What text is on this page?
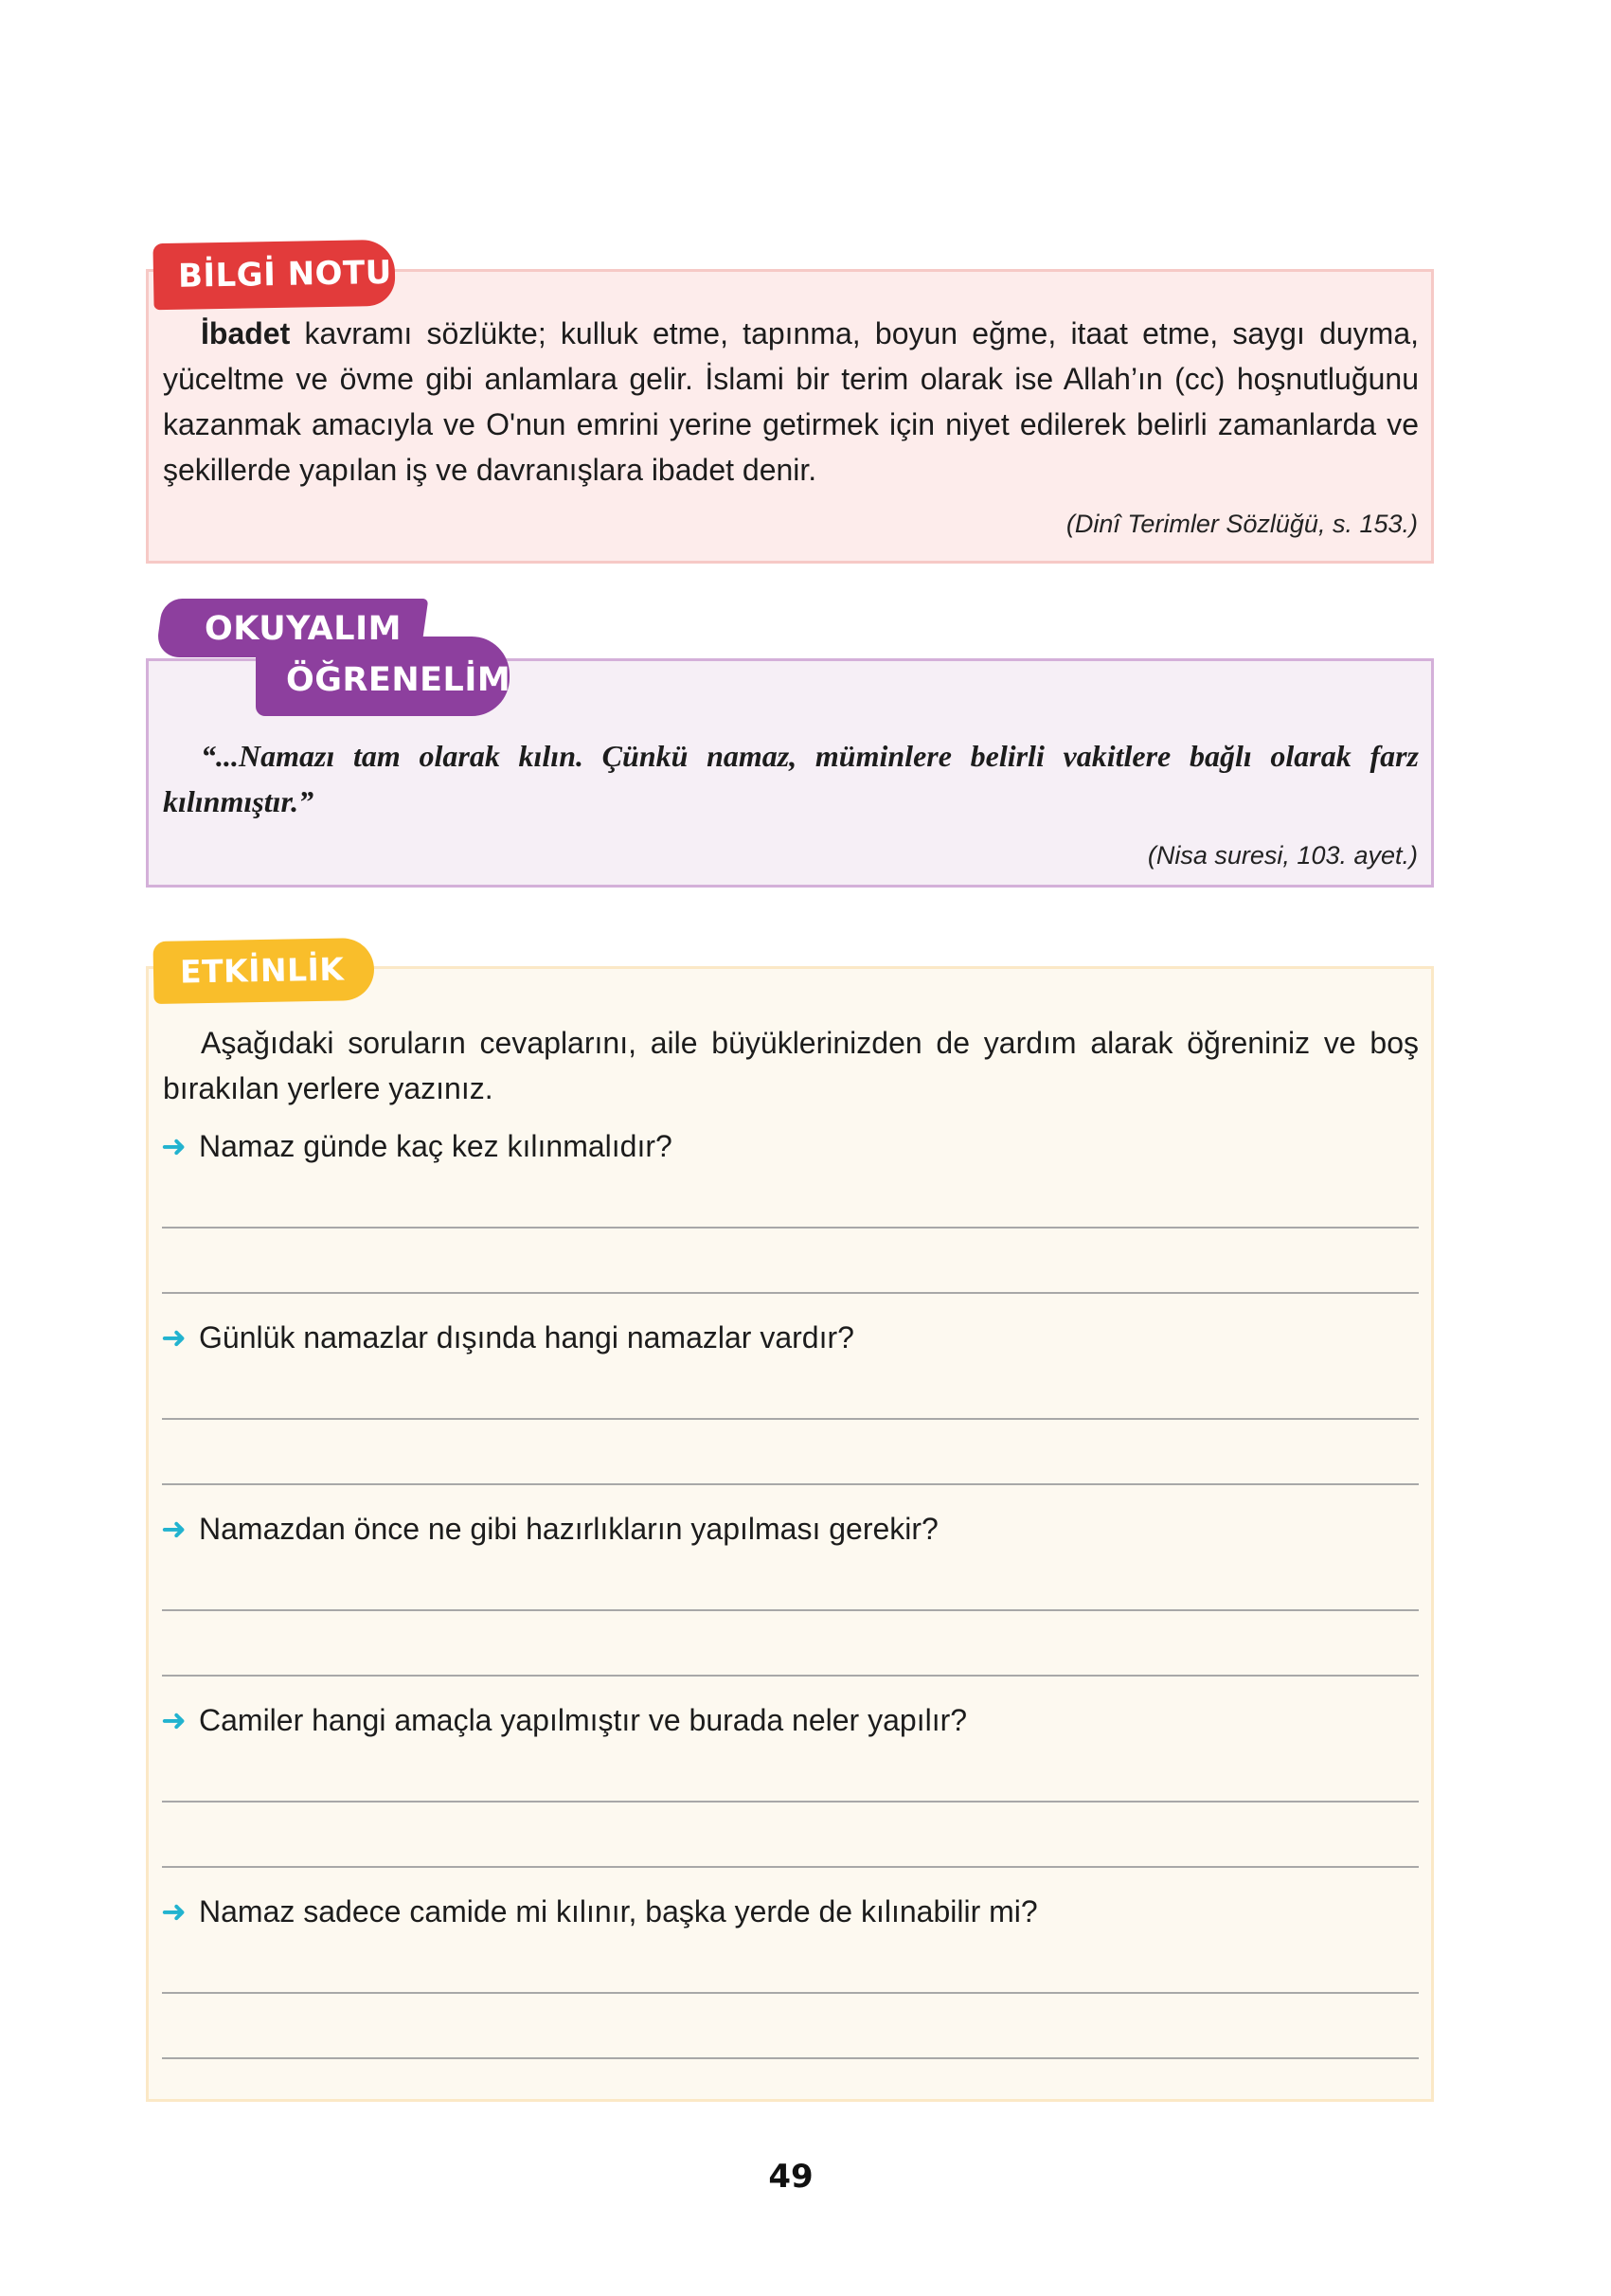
BİLGİ NOTU
İbadet kavramı sözlükte; kulluk etme, tapınma, boyun eğme, itaat etme, saygı duyma, yüceltme ve övme gibi anlamlara gelir. İslami bir terim olarak ise Allah’ın (cc) hoşnutluğunu kazanmak amacıyla ve O'nun emrini yerine getirmek için niyet edilerek belirli zamanlarda ve şekillerde yapılan iş ve davranışlara ibadet denir.
(Dinî Terimler Sözlüğü, s. 153.)
OKUYALIM
ÖĞRENELİM
“...Namazı tam olarak kılın. Çünkü namaz, müminlere belirli vakitlere bağlı olarak farz kılınmıştır.”
(Nisa suresi, 103. ayet.)
ETKİNLİK
Aşağıdaki soruların cevaplarını, aile büyüklerinizden de yardım alarak öğreniniz ve boş bırakılan yerlere yazınız.
➜ Namaz günde kaç kez kılınmalıdır?
➜ Günlük namazlar dışında hangi namazlar vardır?
➜ Namazdan önce ne gibi hazırlıkların yapılması gerekir?
➜ Camiler hangi amaçla yapılmıştır ve burada neler yapılır?
➜ Namaz sadece camide mi kılınır, başka yerde de kılınabilir mi?
49
